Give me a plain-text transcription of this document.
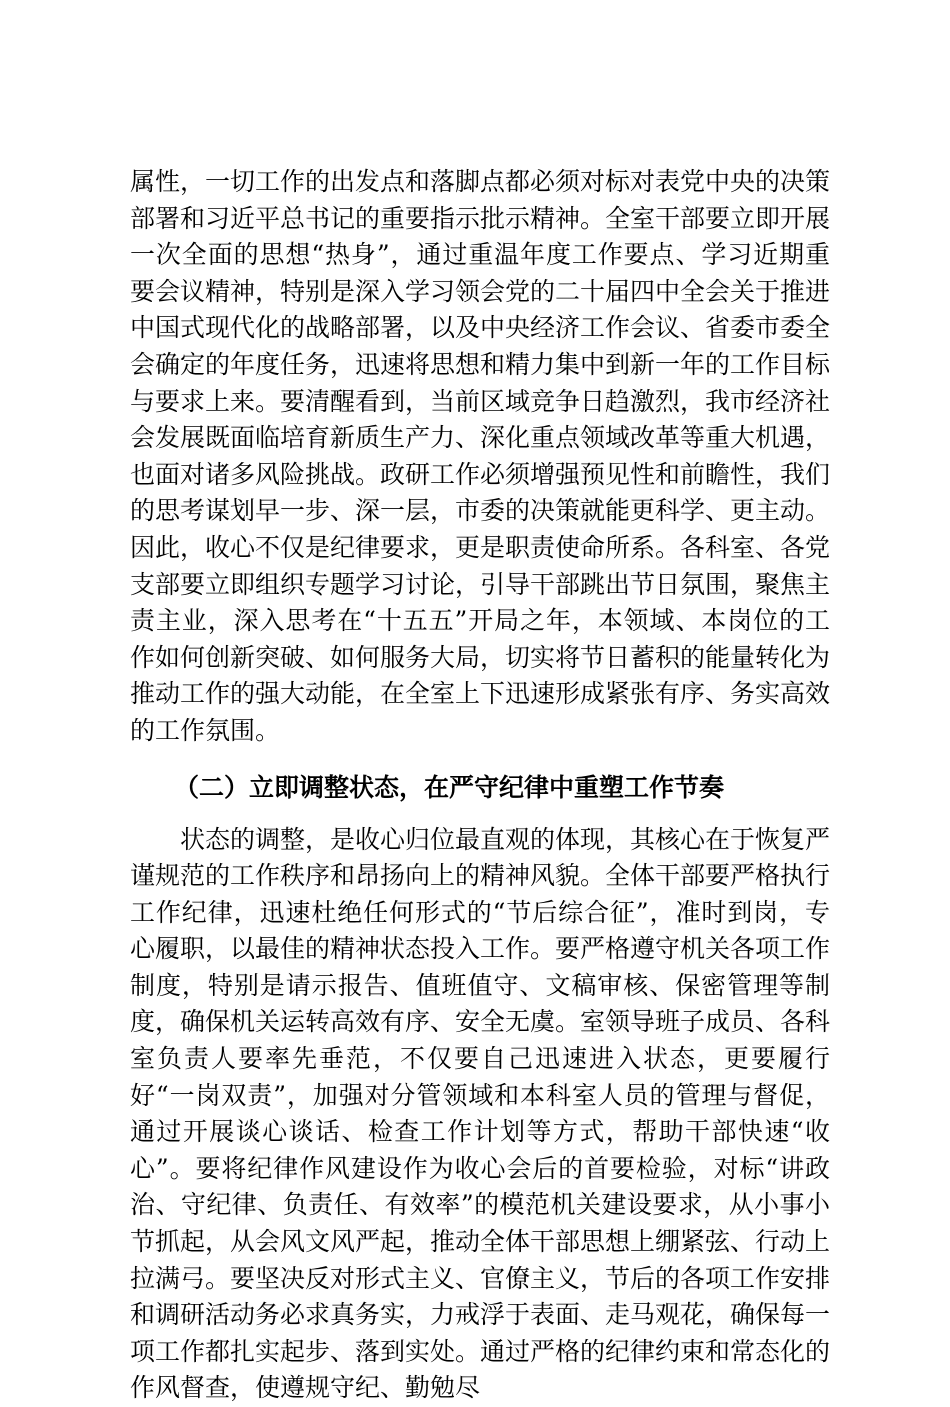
属性，一切工作的出发点和落脚点都必须对标对表党中央的决策部署和习近平总书记的重要指示批示精神。全室干部要立即开展一次全面的思想“热身”，通过重温年度工作要点、学习近期重要会议精神，特别是深入学习领会党的二十届四中全会关于推进中国式现代化的战略部署，以及中央经济工作会议、省委市委全会确定的年度任务，迅速将思想和精力集中到新一年的工作目标与要求上来。要清醒看到，当前区域竞争日趋激烈，我市经济社会发展既面临培育新质生产力、深化重点领域改革等重大机遇，也面对诸多风险挑战。政研工作必须增强预见性和前瞻性，我们的思考谋划早一步、深一层，市委的决策就能更科学、更主动。因此，收心不仅是纪律要求，更是职责使命所系。各科室、各党支部要立即组织专题学习讨论，引导干部跳出节日氛围，聚焦主责主业，深入思考在“十五五”开局之年，本领域、本岗位的工作如何创新突破、如何服务大局，切实将节日蓄积的能量转化为推动工作的强大动能，在全室上下迅速形成紧张有序、务实高效的工作氛围。

（二）立即调整状态，在严守纪律中重塑工作节奏

状态的调整，是收心归位最直观的体现，其核心在于恢复严谨规范的工作秩序和昂扬向上的精神风貌。全体干部要严格执行工作纪律，迅速杜绝任何形式的“节后综合征”，准时到岗，专心履职，以最佳的精神状态投入工作。要严格遵守机关各项工作制度，特别是请示报告、值班值守、文稿审核、保密管理等制度，确保机关运转高效有序、安全无虞。室领导班子成员、各科室负责人要率先垂范，不仅要自己迅速进入状态，更要履行好“一岗双责”，加强对分管领域和本科室人员的管理与督促，通过开展谈心谈话、检查工作计划等方式，帮助干部快速“收心”。要将纪律作风建设作为收心会后的首要检验，对标“讲政治、守纪律、负责任、有效率”的模范机关建设要求，从小事小节抓起，从会风文风严起，推动全体干部思想上绷紧弦、行动上拉满弓。要坚决反对形式主义、官僚主义，节后的各项工作安排和调研活动务必求真务实，力戒浮于表面、走马观花，确保每一项工作都扎实起步、落到实处。通过严格的纪律约束和常态化的作风督查，使遵规守纪、勤勉尽
